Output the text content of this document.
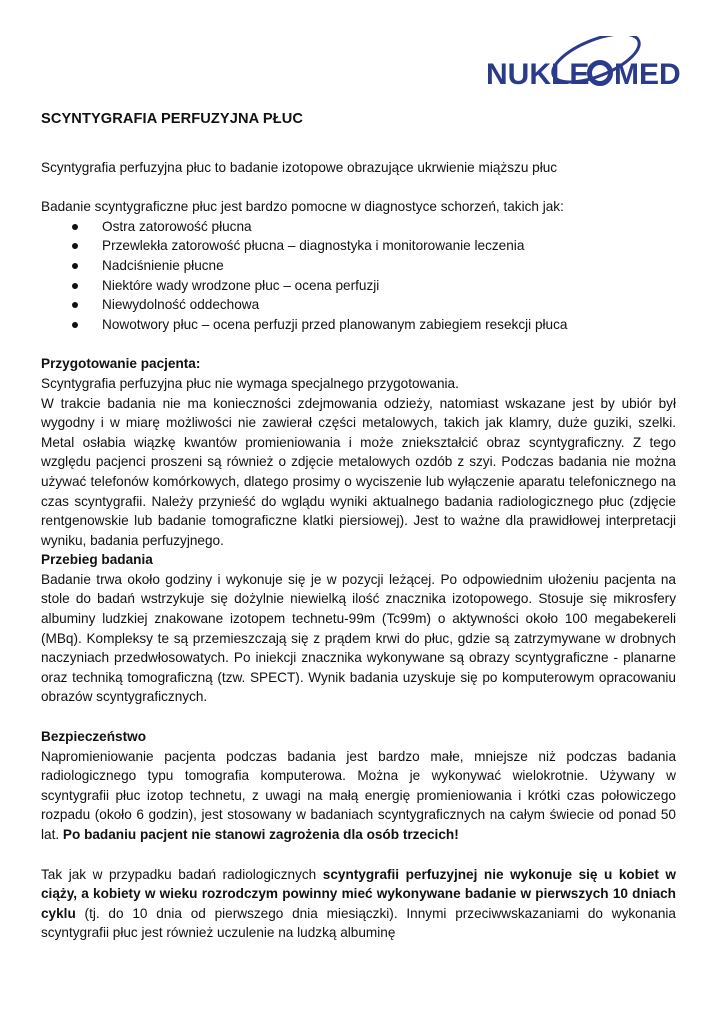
NUKLE MED
SCYNTYGRAFIA PERFUZYJNA PŁUC

Scyntygrafia perfuzyjna płuc to badanie izotopowe obrazujące ukrwienie miąższu płuc

Badanie scyntygraficzne płuc jest bardzo pomocne w diagnostyce schorzeń, takich jak:

Ostra zatorowość płucna
Przewlekła zatorowość płucna – diagnostyka i monitorowanie leczenia
Nadciśnienie płucne
Niektóre wady wrodzone płuc – ocena perfuzji
Niewydolność oddechowa
Nowotwory płuc – ocena perfuzji przed planowanym zabiegiem resekcji płuca

Przygotowanie pacjenta:

Scyntygrafia perfuzyjna płuc nie wymaga specjalnego przygotowania.

W trakcie badania nie ma konieczności zdejmowania odzieży, natomiast wskazane jest by ubiór był wygodny i w miarę możliwości nie zawierał części metalowych, takich jak klamry, duże guziki, szelki. Metal osłabia wiązkę kwantów promieniowania i może zniekształcić obraz scyntygraficzny. Z tego względu pacjenci proszeni są również o zdjęcie metalowych ozdób z szyi. Podczas badania nie można używać telefonów komórkowych, dlatego prosimy o wyciszenie lub wyłączenie aparatu telefonicznego na czas scyntygrafii. Należy przynieść do wglądu wyniki aktualnego badania radiologicznego płuc (zdjęcie rentgenowskie lub badanie tomograficzne klatki piersiowej). Jest to ważne dla prawidłowej interpretacji wyniku, badania perfuzyjnego.

Przebieg badania

Badanie trwa około godziny i wykonuje się je w pozycji leżącej. Po odpowiednim ułożeniu pacjenta na stole do badań wstrzykuje się dożylnie niewielką ilość znacznika izotopowego. Stosuje się mikrosfery albuminy ludzkiej znakowane izotopem technetu-99m (Tc99m) o aktywności około 100 megabekereli (MBq). Kompleksy te są przemieszczają się z prądem krwi do płuc, gdzie są zatrzymywane w drobnych naczyniach przedwłosowatych. Po iniekcji znacznika wykonywane są obrazy scyntygraficzne - planarne oraz techniką tomograficzną (tzw. SPECT). Wynik badania uzyskuje się po komputerowym opracowaniu obrazów scyntygraficznych.

Bezpieczeństwo

Napromieniowanie pacjenta podczas badania jest bardzo małe, mniejsze niż podczas badania radiologicznego typu tomografia komputerowa. Można je wykonywać wielokrotnie. Używany w scyntygrafii płuc izotop technetu, z uwagi na małą energię promieniowania i krótki czas połowiczego rozpadu (około 6 godzin), jest stosowany w badaniach scyntygraficznych na całym świecie od ponad 50 lat. Po badaniu pacjent nie stanowi zagrożenia dla osób trzecich!

Tak jak w przypadku badań radiologicznych scyntygrafii perfuzyjnej nie wykonuje się u kobiet w ciąży, a kobiety w wieku rozrodczym powinny mieć wykonywane badanie w pierwszych 10 dniach cyklu (tj. do 10 dnia od pierwszego dnia miesiączki). Innymi przeciwwskazaniami do wykonania scyntygrafii płuc jest również uczulenie na ludzką albuminę
